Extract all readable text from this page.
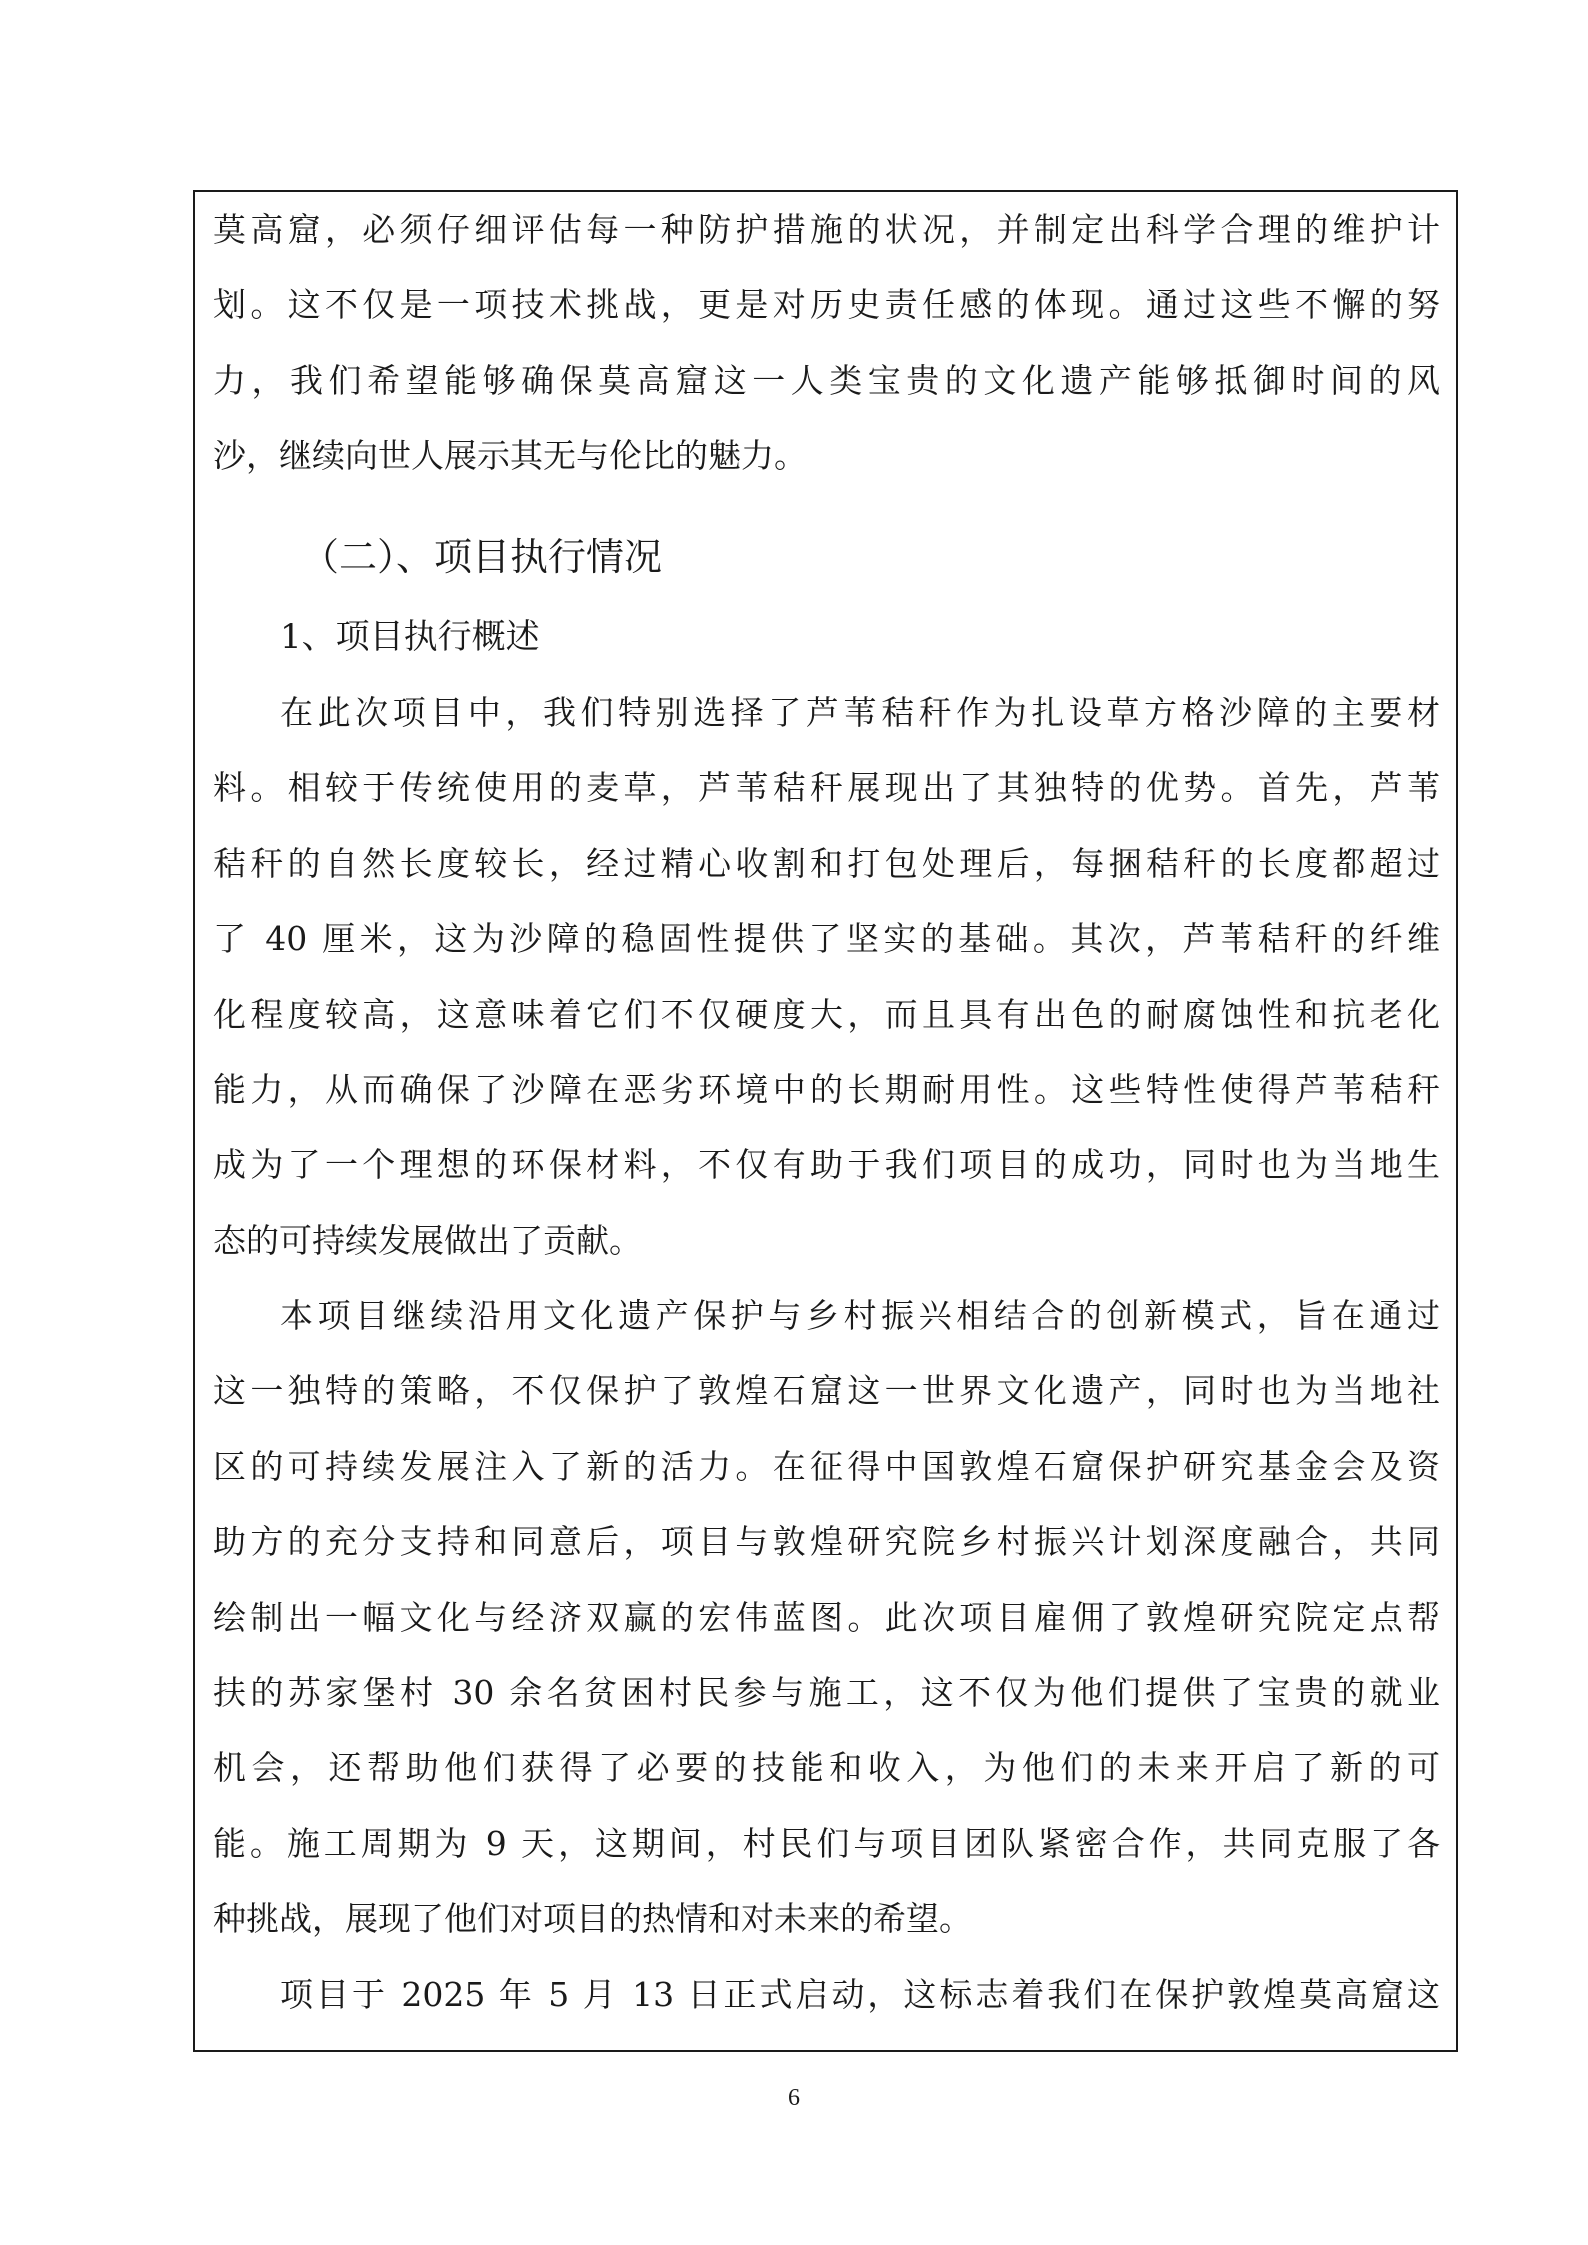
莫高窟，必须仔细评估每一种防护措施的状况，并制定出科学合理的维护计
划。这不仅是一项技术挑战，更是对历史责任感的体现。通过这些不懈的努
力，我们希望能够确保莫高窟这一人类宝贵的文化遗产能够抵御时间的风
沙，继续向世人展示其无与伦比的魅力。
（二）、项目执行情况
1、项目执行概述
在此次项目中，我们特别选择了芦苇秸秆作为扎设草方格沙障的主要材
料。相较于传统使用的麦草，芦苇秸秆展现出了其独特的优势。首先，芦苇
秸秆的自然长度较长，经过精心收割和打包处理后，每捆秸秆的长度都超过
了 40 厘米，这为沙障的稳固性提供了坚实的基础。其次，芦苇秸秆的纤维
化程度较高，这意味着它们不仅硬度大，而且具有出色的耐腐蚀性和抗老化
能力，从而确保了沙障在恶劣环境中的长期耐用性。这些特性使得芦苇秸秆
成为了一个理想的环保材料，不仅有助于我们项目的成功，同时也为当地生
态的可持续发展做出了贡献。
本项目继续沿用文化遗产保护与乡村振兴相结合的创新模式，旨在通过
这一独特的策略，不仅保护了敦煌石窟这一世界文化遗产，同时也为当地社
区的可持续发展注入了新的活力。在征得中国敦煌石窟保护研究基金会及资
助方的充分支持和同意后，项目与敦煌研究院乡村振兴计划深度融合，共同
绘制出一幅文化与经济双赢的宏伟蓝图。此次项目雇佣了敦煌研究院定点帮
扶的苏家堡村 30 余名贫困村民参与施工，这不仅为他们提供了宝贵的就业
机会，还帮助他们获得了必要的技能和收入，为他们的未来开启了新的可
能。施工周期为 9 天，这期间，村民们与项目团队紧密合作，共同克服了各
种挑战，展现了他们对项目的热情和对未来的希望。
项目于 2025 年 5 月 13 日正式启动，这标志着我们在保护敦煌莫高窟这
6
